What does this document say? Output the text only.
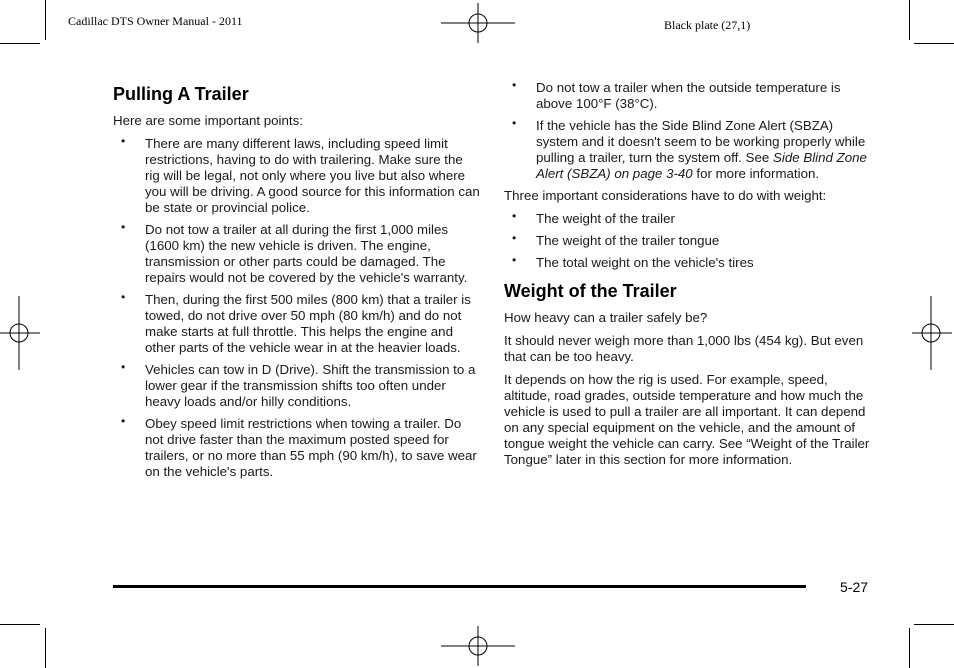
Cadillac DTS Owner Manual - 2011	Black plate (27,1)
Pulling A Trailer

Here are some important points:

• There are many different laws, including speed limit restrictions, having to do with trailering. Make sure the rig will be legal, not only where you live but also where you will be driving. A good source for this information can be state or provincial police.
• Do not tow a trailer at all during the first 1,000 miles (1600 km) the new vehicle is driven. The engine, transmission or other parts could be damaged. The repairs would not be covered by the vehicle's warranty.
• Then, during the first 500 miles (800 km) that a trailer is towed, do not drive over 50 mph (80 km/h) and do not make starts at full throttle. This helps the engine and other parts of the vehicle wear in at the heavier loads.
• Vehicles can tow in D (Drive). Shift the transmission to a lower gear if the transmission shifts too often under heavy loads and/or hilly conditions.
• Obey speed limit restrictions when towing a trailer. Do not drive faster than the maximum posted speed for trailers, or no more than 55 mph (90 km/h), to save wear on the vehicle's parts.
• Do not tow a trailer when the outside temperature is above 100°F (38°C).
• If the vehicle has the Side Blind Zone Alert (SBZA) system and it doesn't seem to be working properly while pulling a trailer, turn the system off. See Side Blind Zone Alert (SBZA) on page 3-40 for more information.

Three important considerations have to do with weight:

• The weight of the trailer
• The weight of the trailer tongue
• The total weight on the vehicle's tires
Weight of the Trailer

How heavy can a trailer safely be?

It should never weigh more than 1,000 lbs (454 kg). But even that can be too heavy.

It depends on how the rig is used. For example, speed, altitude, road grades, outside temperature and how much the vehicle is used to pull a trailer are all important. It can depend on any special equipment on the vehicle, and the amount of tongue weight the vehicle can carry. See “Weight of the Trailer Tongue” later in this section for more information.

5-27
